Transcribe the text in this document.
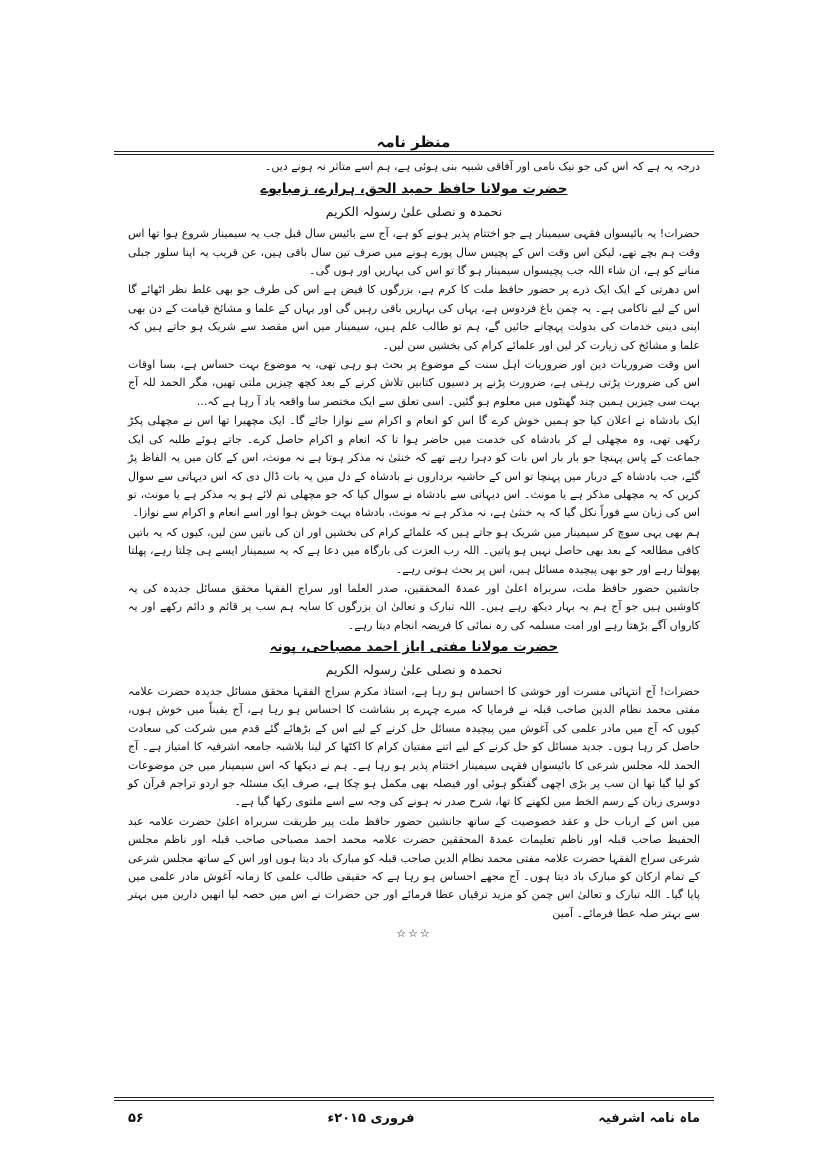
منظر نامہ

درجہ یہ ہے کہ اس کی جو نیک نامی اور آفاقی شبیہ بنی ہوئی ہے، ہم اسے متاثر نہ ہونے دیں۔

حضرت مولانا حافظ حمید الحق، ہرارے، زمبابوے
نحمدہ و نصلی علیٰ رسولہ الکریم

حضرات! یہ بائیسواں فقہی سیمینار ہے جو اختتام پذیر ہونے کو ہے، آج سے بائیس سال قبل جب یہ سیمینار شروع ہوا تھا اس وقت ہم بچے تھے، لیکن اس وقت اس کے پچیس سال پورے ہونے میں صرف تین سال باقی ہیں، عن قریب یہ اپنا سلور جبلی منانے کو ہے، ان شاء اللہ جب پچیسواں سیمینار ہو گا تو اس کی بہاریں اور ہوں گی۔

اس دھرتی کے ایک ایک ذرے پر حضور حافظ ملت کا کرم ہے، بزرگوں کا فیض ہے اس کی طرف جو بھی غلط نظر اٹھائے گا اس کے لیے ناکامی ہے۔ یہ چمن باغ فردوس ہے، یہاں کی بہاریں باقی رہیں گی اور یہاں کے علما و مشائخ قیامت کے دن بھی اپنی دینی خدمات کی بدولت پہچانے جائیں گے، ہم تو طالب علم ہیں، سیمینار میں اس مقصد سے شریک ہو جاتے ہیں کہ علما و مشائخ کی زیارت کر لیں اور علمائے کرام کی بخشیں سن لیں۔

اس وقت ضروریات دین اور ضروریات اہل سنت کے موضوع پر بحث ہو رہی تھی، یہ موضوع بہت حساس ہے، بسا اوقات اس کی ضرورت پڑتی رہتی ہے، ضرورت پڑنے پر دسیوں کتابیں تلاش کرنے کے بعد کچھ چیزیں ملتی تھیں، مگر الحمد للہ آج بہت سی چیزیں ہمیں چند گھنٹوں میں معلوم ہو گئیں۔ اسی تعلق سے ایک مختصر سا واقعہ یاد آ رہا ہے کہ...

ایک بادشاہ نے اعلان کیا جو ہمیں خوش کرے گا اس کو انعام و اکرام سے نوازا جائے گا۔ ایک مچھیرا تھا اس نے مچھلی پکڑ رکھی تھی، وہ مچھلی لے کر بادشاہ کی خدمت میں حاضر ہوا تا کہ انعام و اکرام حاصل کرے۔ جاتے ہوئے طلبہ کی ایک جماعت کے پاس پہنچا جو بار بار اس بات کو دہرا رہے تھے کہ خنثیٰ نہ مذکر ہوتا ہے نہ مونث، اس کے کان میں یہ الفاظ پڑ گئے، جب بادشاہ کے دربار میں پہنچا تو اس کے حاشیہ برداروں نے بادشاہ کے دل میں یہ بات ڈال دی کہ اس دیہاتی سے سوال کریں کہ یہ مچھلی مذکر ہے یا مونث۔ اس دیہاتی سے بادشاہ نے سوال کیا کہ جو مچھلی تم لائے ہو یہ مذکر ہے یا مونث، تو اس کی زبان سے فوراً نکل گیا کہ یہ خنثیٰ ہے، نہ مذکر ہے نہ مونث، بادشاہ بہت خوش ہوا اور اسے انعام و اکرام سے نوازا۔

ہم بھی یہی سوچ کر سیمینار میں شریک ہو جاتے ہیں کہ علمائے کرام کی بخشیں اور ان کی باتیں سن لیں، کیوں کہ یہ باتیں کافی مطالعہ کے بعد بھی حاصل نہیں ہو پاتیں۔ اللہ رب العزت کی بارگاہ میں دعا ہے کہ یہ سیمینار ایسے ہی چلتا رہے، پھلتا پھولتا رہے اور جو بھی پیچیدہ مسائل ہیں، اس پر بحث ہوتی رہے۔

جانشین حضور حافظ ملت، سربراہ اعلیٰ اور عمدۃ المحققین، صدر العلما اور سراج الفقہا محقق مسائل جدیدہ کی یہ کاوشیں ہیں جو آج ہم یہ بہار دیکھ رہے ہیں۔ اللہ تبارک و تعالیٰ ان بزرگوں کا سایہ ہم سب پر قائم و دائم رکھے اور یہ کارواں آگے بڑھتا رہے اور امت مسلمہ کی رہ نمائی کا فریضہ انجام دیتا رہے۔

حضرت مولانا مفتی ایاز احمد مصباحی، پونہ
نحمدہ و نصلی علیٰ رسولہ الکریم

حضرات! آج انتہائی مسرت اور خوشی کا احساس ہو رہا ہے، استاذ مکرم سراج الفقہا محقق مسائل جدیدہ حضرت علامہ مفتی محمد نظام الدین صاحب قبلہ نے فرمایا کہ میرے چہرے پر بشاشت کا احساس ہو رہا ہے، آج یقیناً میں خوش ہوں، کیوں کہ آج میں مادر علمی کی آغوش میں پیچیدہ مسائل حل کرنے کے لیے اس کے بڑھائے گئے قدم میں شرکت کی سعادت حاصل کر رہا ہوں۔ جدید مسائل کو حل کرنے کے لیے اتنے مفتیان کرام کا اکٹھا کر لینا بلاشبہ جامعہ اشرفیہ کا امتیاز ہے۔ آج الحمد للہ مجلس شرعی کا بائیسواں فقہی سیمینار اختتام پذیر ہو رہا ہے۔ ہم نے دیکھا کہ اس سیمینار میں جن موضوعات کو لیا گیا تھا ان سب پر بڑی اچھی گفتگو ہوئی اور فیصلہ بھی مکمل ہو چکا ہے، صرف ایک مسئلہ جو اردو تراجم قرآن کو دوسری زبان کے رسم الخط میں لکھنے کا تھا، شرح صدر نہ ہونے کی وجہ سے اسے ملتوی رکھا گیا ہے۔

میں اس کے ارباب حل و عقد خصوصیت کے ساتھ جانشین حضور حافظ ملت پیر طریقت سربراہ اعلیٰ حضرت علامہ عبد الحفیظ صاحب قبلہ اور ناظم تعلیمات عمدۃ المحققین حضرت علامہ محمد احمد مصباحی صاحب قبلہ اور ناظم مجلس شرعی سراج الفقہا حضرت علامہ مفتی محمد نظام الدین صاحب قبلہ کو مبارک باد دیتا ہوں اور اس کے ساتھ مجلس شرعی کے تمام ارکان کو مبارک باد دیتا ہوں۔ آج مجھے احساس ہو رہا ہے کہ حقیقی طالب علمی کا زمانہ آغوش مادر علمی میں پایا گیا۔ اللہ تبارک و تعالیٰ اس چمن کو مزید ترقیاں عطا فرمائے اور جن حضرات نے اس میں حصہ لیا انھیں دارین میں بہتر سے بہتر صلہ عطا فرمائے۔ آمین

☆☆☆
ماہ نامہ اشرفیہ
فروری ۲۰۱۵ء
۵۶
